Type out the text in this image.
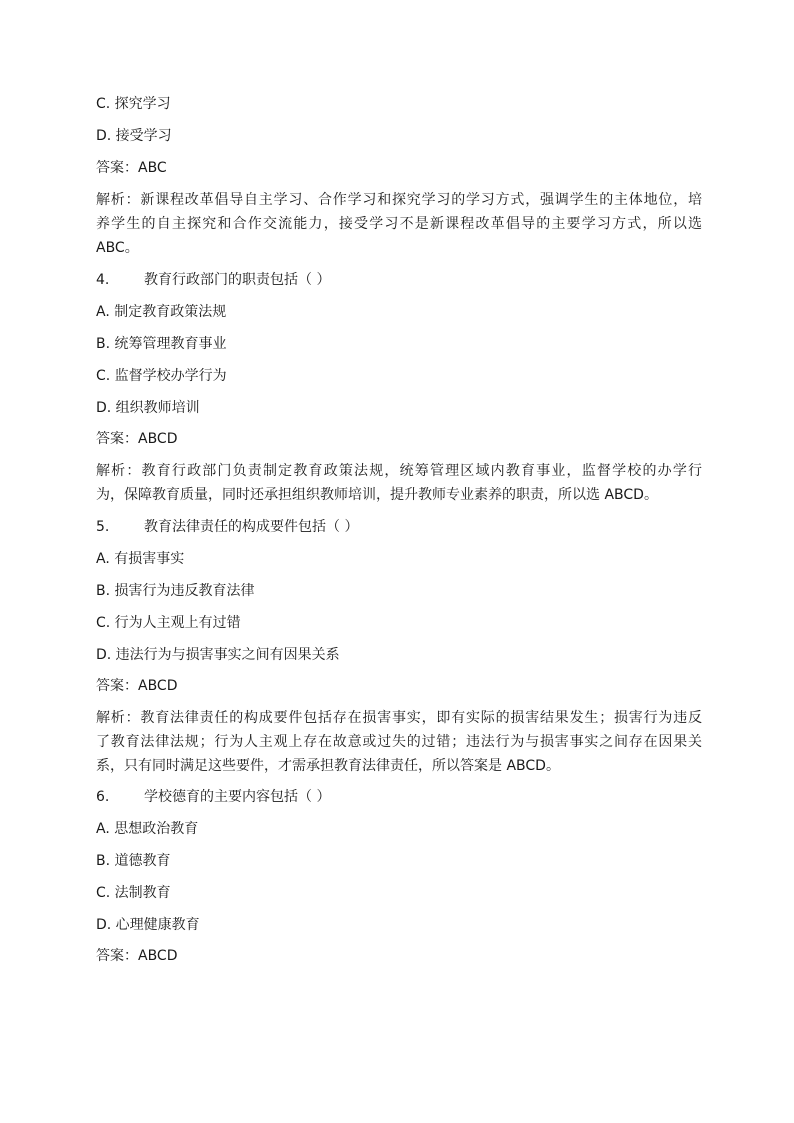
C. 探究学习
D. 接受学习
答案：ABC
解析：新课程改革倡导自主学习、合作学习和探究学习的学习方式，强调学生的主体地位，培
养学生的自主探究和合作交流能力，接受学习不是新课程改革倡导的主要学习方式，所以选
ABC。
4. 教育行政部门的职责包括（ ）
A. 制定教育政策法规
B. 统筹管理教育事业
C. 监督学校办学行为
D. 组织教师培训
答案：ABCD
解析：教育行政部门负责制定教育政策法规，统筹管理区域内教育事业，监督学校的办学行
为，保障教育质量，同时还承担组织教师培训，提升教师专业素养的职责，所以选 ABCD。
5. 教育法律责任的构成要件包括（ ）
A. 有损害事实
B. 损害行为违反教育法律
C. 行为人主观上有过错
D. 违法行为与损害事实之间有因果关系
答案：ABCD
解析：教育法律责任的构成要件包括存在损害事实，即有实际的损害结果发生；损害行为违反
了教育法律法规；行为人主观上存在故意或过失的过错；违法行为与损害事实之间存在因果关
系，只有同时满足这些要件，才需承担教育法律责任，所以答案是 ABCD。
6. 学校德育的主要内容包括（ ）
A. 思想政治教育
B. 道德教育
C. 法制教育
D. 心理健康教育
答案：ABCD
